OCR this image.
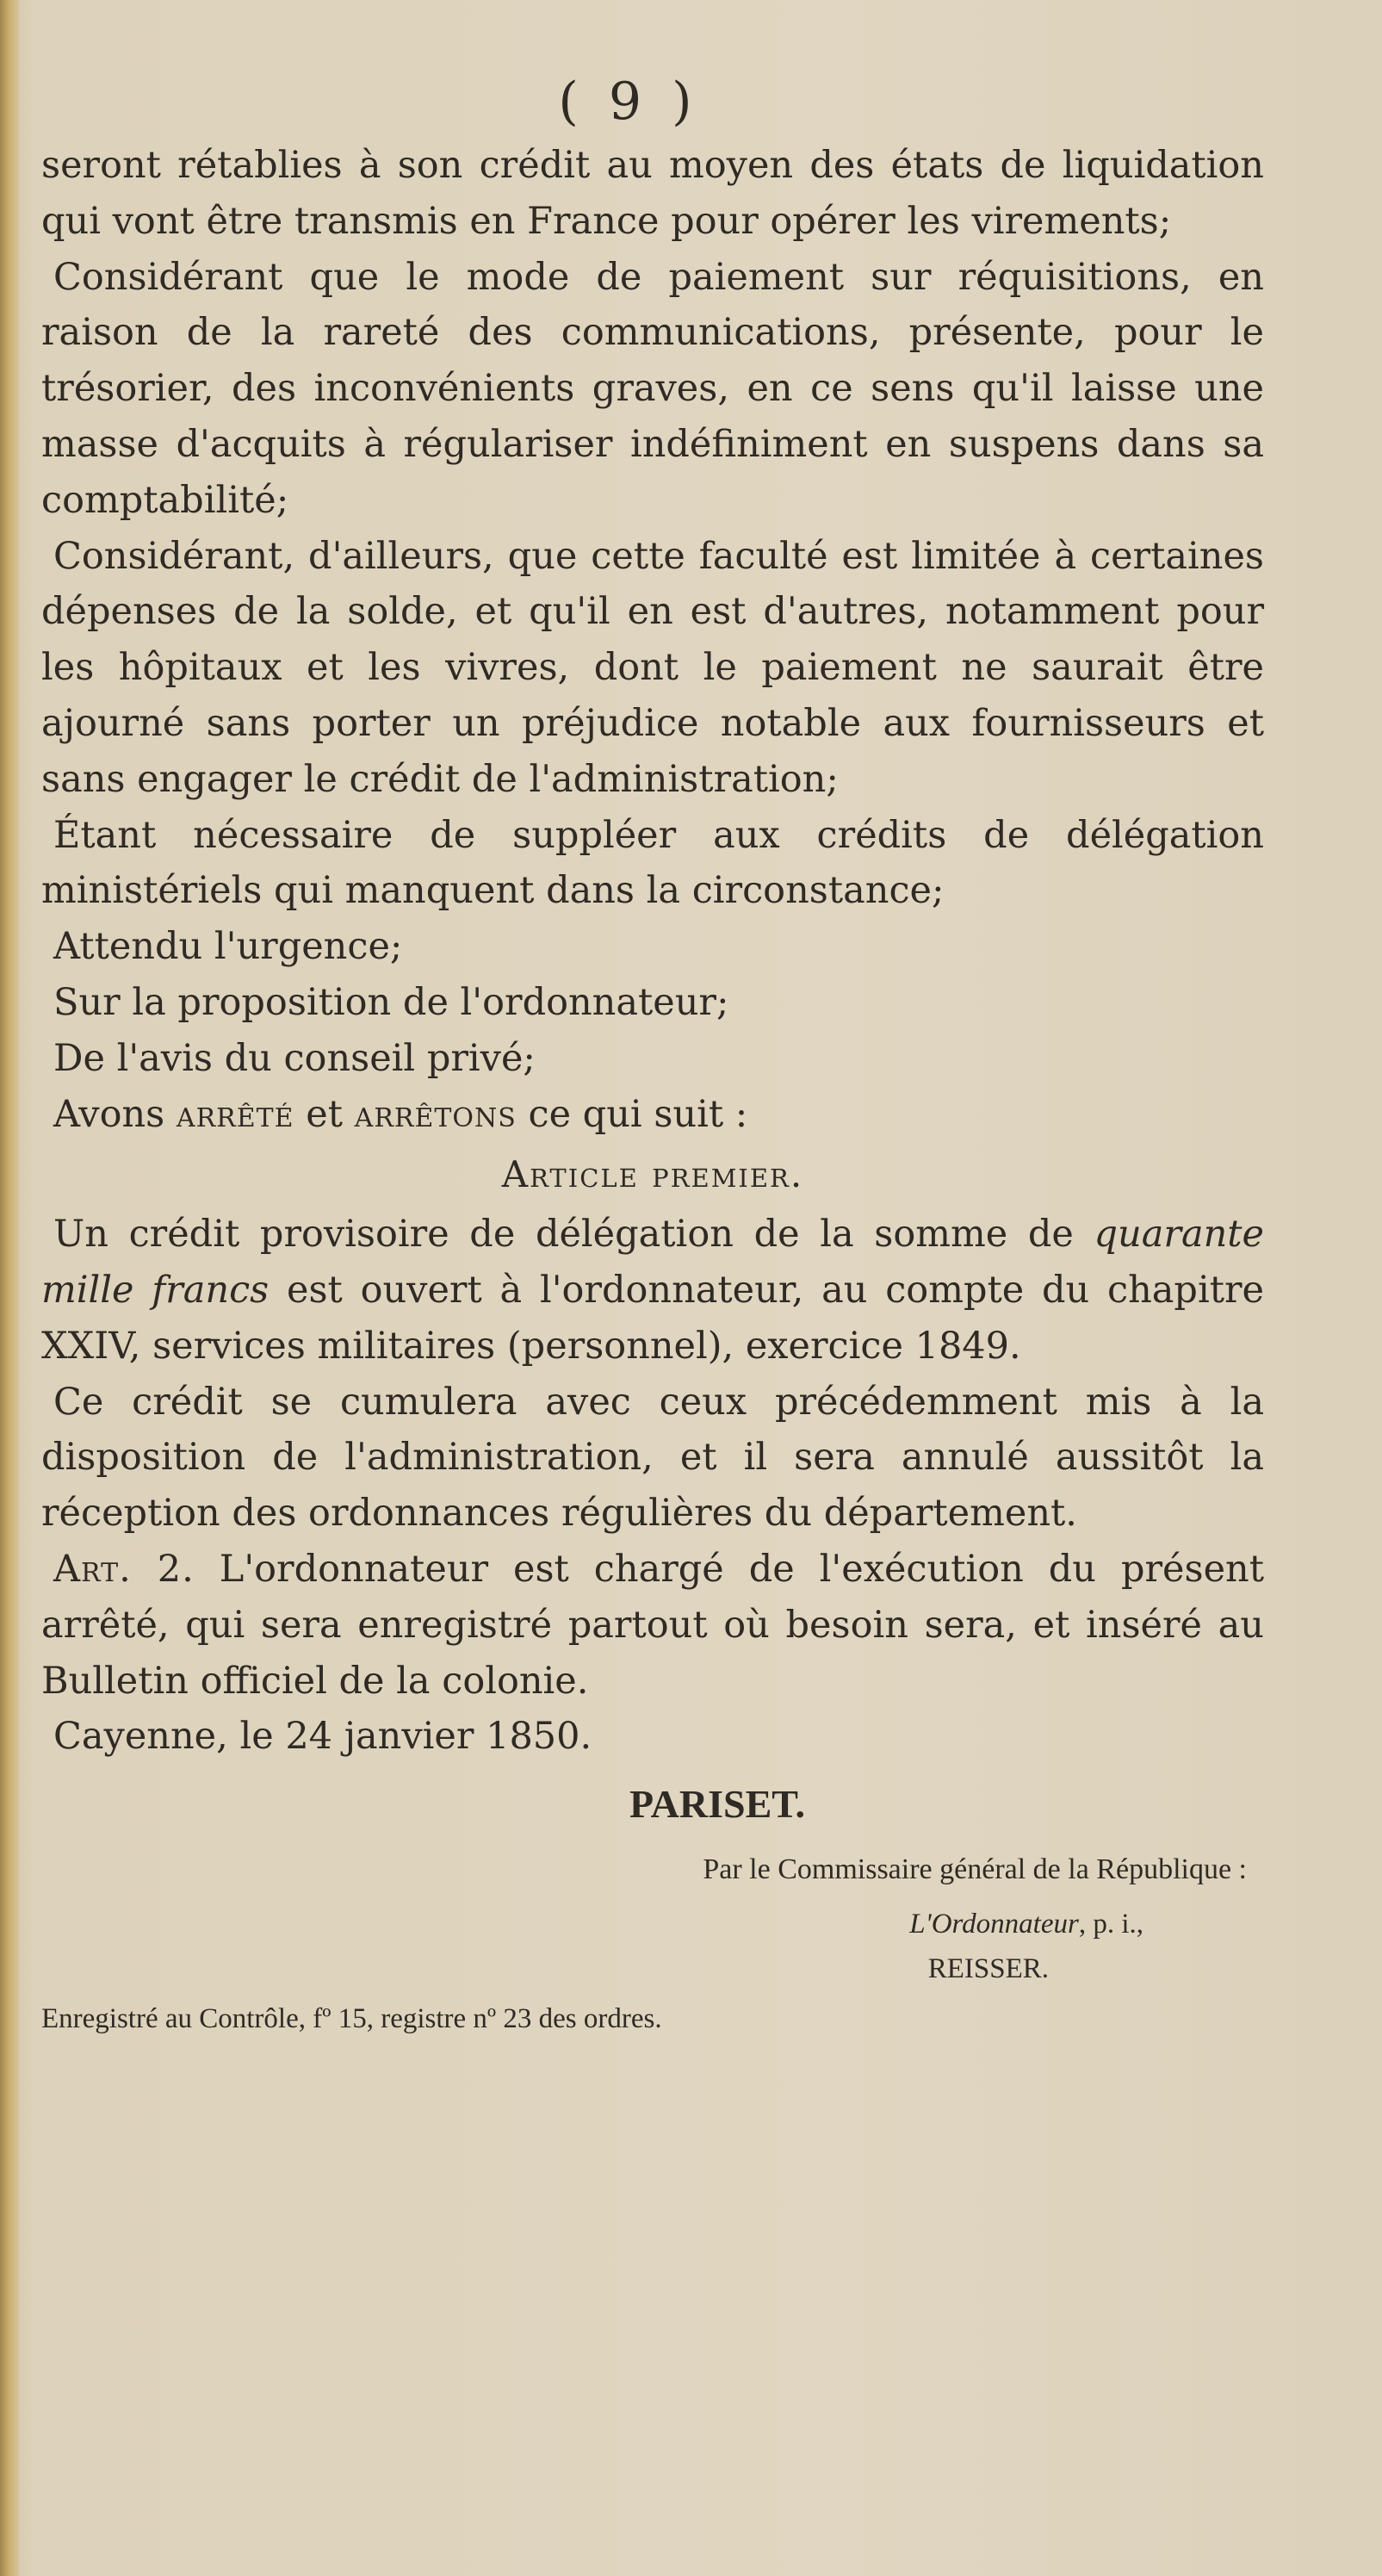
( 9 )

seront rétablies à son crédit au moyen des états de liquidation qui vont être transmis en France pour opérer les virements;

Considérant que le mode de paiement sur réquisitions, en raison de la rareté des communications, présente, pour le trésorier, des inconvénients graves, en ce sens qu'il laisse une masse d'acquits à régulariser indéfiniment en suspens dans sa comptabilité;

Considérant, d'ailleurs, que cette faculté est limitée à certaines dépenses de la solde, et qu'il en est d'autres, notamment pour les hôpitaux et les vivres, dont le paiement ne saurait être ajourné sans porter un préjudice notable aux fournisseurs et sans engager le crédit de l'administration;

Étant nécessaire de suppléer aux crédits de délégation ministériels qui manquent dans la circonstance;

Attendu l'urgence;

Sur la proposition de l'ordonnateur;

De l'avis du conseil privé;

Avons arrêté et arrêtons ce qui suit :

Article premier.

Un crédit provisoire de délégation de la somme de quarante mille francs est ouvert à l'ordonnateur, au compte du chapitre XXIV, services militaires (personnel), exercice 1849.

Ce crédit se cumulera avec ceux précédemment mis à la disposition de l'administration, et il sera annulé aussitôt la réception des ordonnances régulières du département.

Art. 2. L'ordonnateur est chargé de l'exécution du présent arrêté, qui sera enregistré partout où besoin sera, et inséré au Bulletin officiel de la colonie.

Cayenne, le 24 janvier 1850.

PARISET.
Par le Commissaire général de la République :
L'Ordonnateur, p. i.,
REISSER.
Enregistré au Contrôle, fº 15, registre nº 23 des ordres.
